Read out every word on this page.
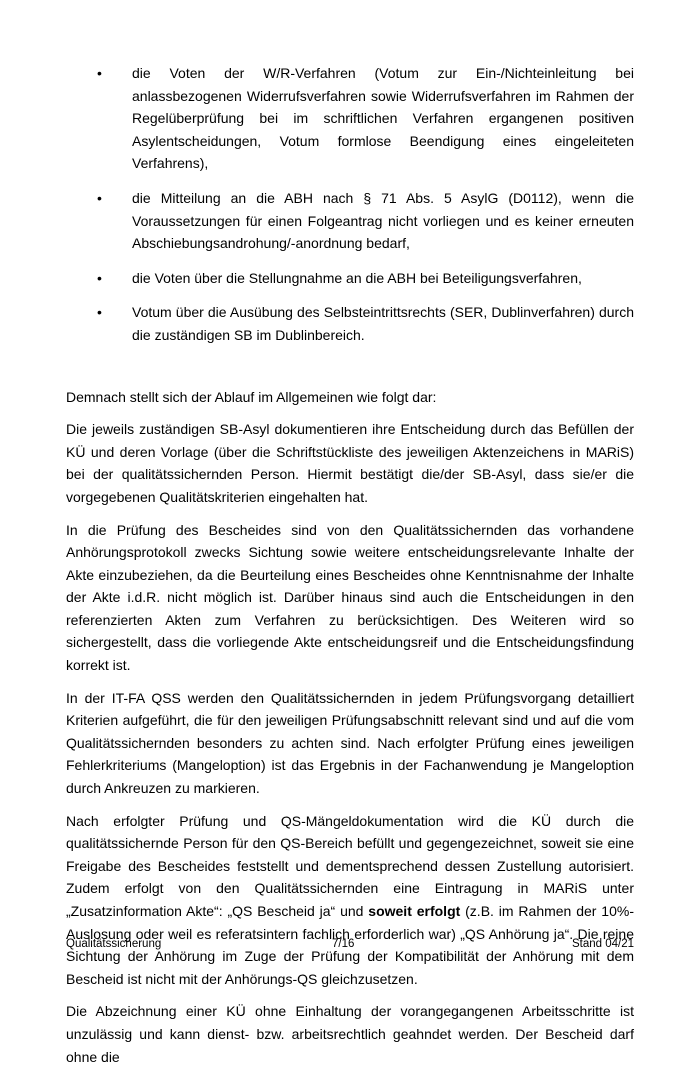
• die Voten der W/R-Verfahren (Votum zur Ein-/Nichteinleitung bei anlassbezogenen Widerrufsverfahren sowie Widerrufsverfahren im Rahmen der Regelüberprüfung bei im schriftlichen Verfahren ergangenen positiven Asylentscheidungen, Votum formlose Beendigung eines eingeleiteten Verfahrens),
• die Mitteilung an die ABH nach § 71 Abs. 5 AsylG (D0112), wenn die Voraussetzungen für einen Folgeantrag nicht vorliegen und es keiner erneuten Abschiebungsandrohung/-anordnung bedarf,
• die Voten über die Stellungnahme an die ABH bei Beteiligungsverfahren,
• Votum über die Ausübung des Selbsteintrittsrechts (SER, Dublinverfahren) durch die zuständigen SB im Dublinbereich.

Demnach stellt sich der Ablauf im Allgemeinen wie folgt dar:

Die jeweils zuständigen SB-Asyl dokumentieren ihre Entscheidung durch das Befüllen der KÜ und deren Vorlage (über die Schriftstückliste des jeweiligen Aktenzeichens in MARiS) bei der qualitätssichernden Person. Hiermit bestätigt die/der SB-Asyl, dass sie/er die vorgegebenen Qualitätskriterien eingehalten hat.

In die Prüfung des Bescheides sind von den Qualitätssichernden das vorhandene Anhörungsprotokoll zwecks Sichtung sowie weitere entscheidungsrelevante Inhalte der Akte einzubeziehen, da die Beurteilung eines Bescheides ohne Kenntnisnahme der Inhalte der Akte i.d.R. nicht möglich ist. Darüber hinaus sind auch die Entscheidungen in den referenzierten Akten zum Verfahren zu berücksichtigen. Des Weiteren wird so sichergestellt, dass die vorliegende Akte entscheidungsreif und die Entscheidungsfindung korrekt ist.

In der IT-FA QSS werden den Qualitätssichernden in jedem Prüfungsvorgang detailliert Kriterien aufgeführt, die für den jeweiligen Prüfungsabschnitt relevant sind und auf die vom Qualitätssichernden besonders zu achten sind. Nach erfolgter Prüfung eines jeweiligen Fehlerkriteriums (Mangeloption) ist das Ergebnis in der Fachanwendung je Mangeloption durch Ankreuzen zu markieren.

Nach erfolgter Prüfung und QS-Mängeldokumentation wird die KÜ durch die qualitätssichernde Person für den QS-Bereich befüllt und gegengezeichnet, soweit sie eine Freigabe des Bescheides feststellt und dementsprechend dessen Zustellung autorisiert. Zudem erfolgt von den Qualitätssichernden eine Eintragung in MARiS unter „Zusatzinformation Akte“: „QS Bescheid ja“ und soweit erfolgt (z.B. im Rahmen der 10%-Auslosung oder weil es referatsintern fachlich erforderlich war) „QS Anhörung ja“. Die reine Sichtung der Anhörung im Zuge der Prüfung der Kompatibilität der Anhörung mit dem Bescheid ist nicht mit der Anhörungs-QS gleichzusetzen.

Die Abzeichnung einer KÜ ohne Einhaltung der vorangegangenen Arbeitsschritte ist unzulässig und kann dienst- bzw. arbeitsrechtlich geahndet werden. Der Bescheid darf ohne die

Qualitätssicherung	7/16	Stand 04/21
